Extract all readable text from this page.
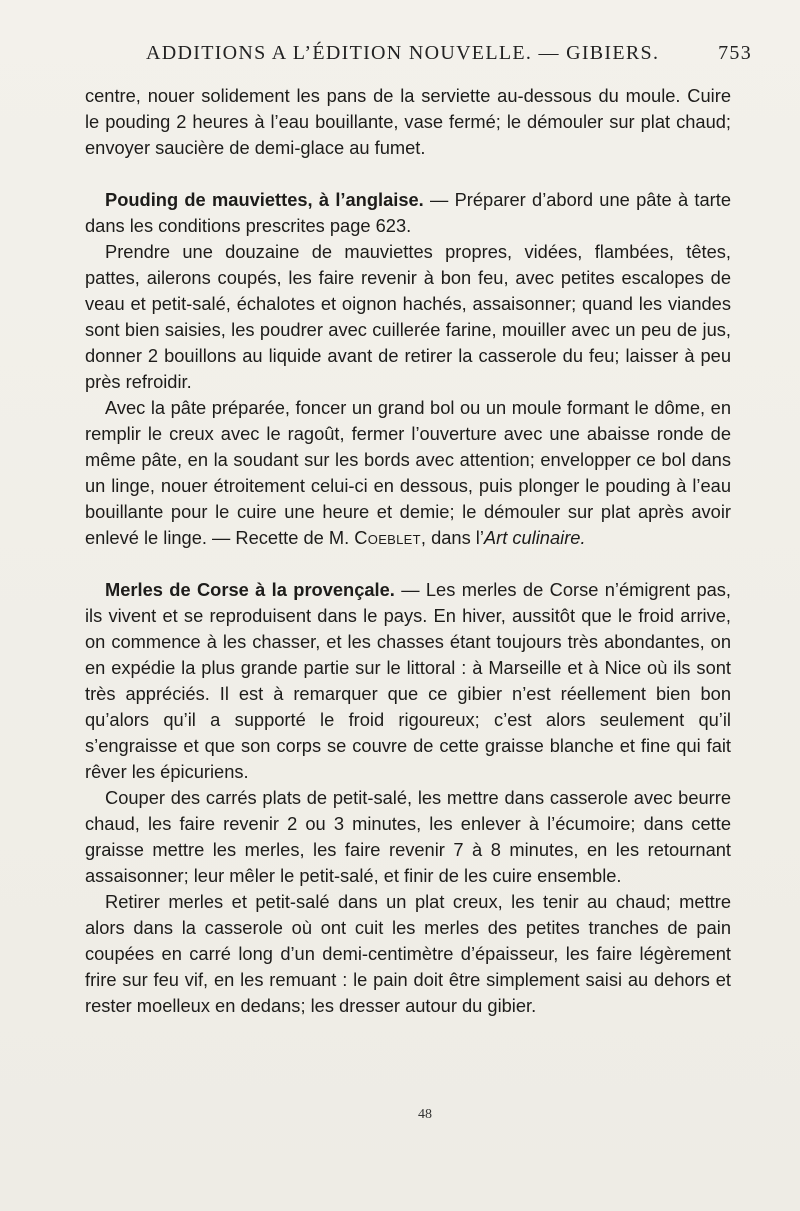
ADDITIONS A L’ÉDITION NOUVELLE. — GIBIERS.	753

centre, nouer solidement les pans de la serviette au-dessous du moule. Cuire le pouding 2 heures à l’eau bouillante, vase fermé; le démouler sur plat chaud; envoyer saucière de demi-glace au fumet.

Pouding de mauviettes, à l’anglaise. — Préparer d’abord une pâte à tarte dans les conditions prescrites page 623.

Prendre une douzaine de mauviettes propres, vidées, flambées, têtes, pattes, ailerons coupés, les faire revenir à bon feu, avec petites escalopes de veau et petit-salé, échalotes et oignon hachés, assaisonner; quand les viandes sont bien saisies, les poudrer avec cuillerée farine, mouiller avec un peu de jus, donner 2 bouillons au liquide avant de retirer la casserole du feu; laisser à peu près refroidir.

Avec la pâte préparée, foncer un grand bol ou un moule formant le dôme, en remplir le creux avec le ragoût, fermer l’ouverture avec une abaisse ronde de même pâte, en la soudant sur les bords avec attention; envelopper ce bol dans un linge, nouer étroitement celui-ci en dessous, puis plonger le pouding à l’eau bouillante pour le cuire une heure et demie; le démouler sur plat après avoir enlevé le linge. — Recette de M. Coeblet, dans l’Art culinaire.

Merles de Corse à la provençale. — Les merles de Corse n’émigrent pas, ils vivent et se reproduisent dans le pays. En hiver, aussitôt que le froid arrive, on commence à les chasser, et les chasses étant toujours très abondantes, on en expédie la plus grande partie sur le littoral : à Marseille et à Nice où ils sont très appréciés. Il est à remarquer que ce gibier n’est réellement bien bon qu’alors qu’il a supporté le froid rigoureux; c’est alors seulement qu’il s’engraisse et que son corps se couvre de cette graisse blanche et fine qui fait rêver les épicuriens.

Couper des carrés plats de petit-salé, les mettre dans casserole avec beurre chaud, les faire revenir 2 ou 3 minutes, les enlever à l’écumoire; dans cette graisse mettre les merles, les faire revenir 7 à 8 minutes, en les retournant assaisonner; leur mêler le petit-salé, et finir de les cuire ensemble.

Retirer merles et petit-salé dans un plat creux, les tenir au chaud; mettre alors dans la casserole où ont cuit les merles des petites tranches de pain coupées en carré long d’un demi-centimètre d’épaisseur, les faire légèrement frire sur feu vif, en les remuant : le pain doit être simplement saisi au dehors et rester moelleux en dedans; les dresser autour du gibier.

48
